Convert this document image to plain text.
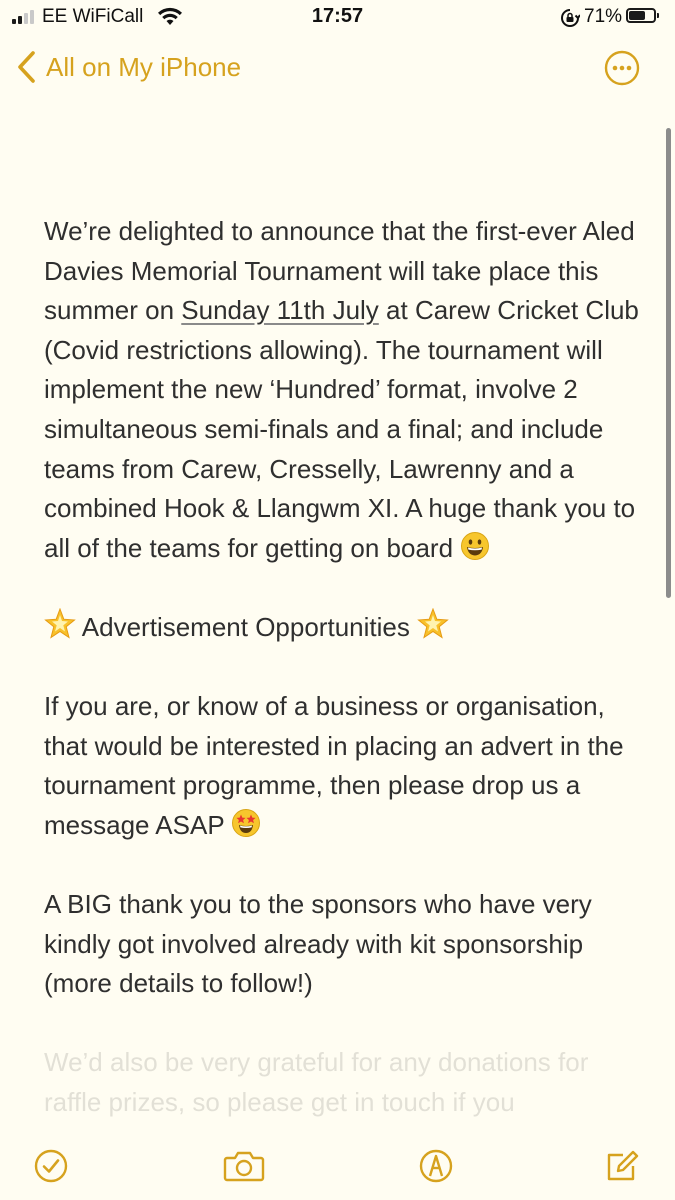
EE WiFiCall	17:57	71%
All on My iPhone

We’re delighted to announce that the first-ever Aled Davies Memorial Tournament will take place this summer on Sunday 11th July at Carew Cricket Club (Covid restrictions allowing). The tournament will implement the new ‘Hundred’ format, involve 2 simultaneous semi-finals and a final; and include teams from Carew, Cresselly, Lawrenny and a combined Hook & Llangwm XI. A huge thank you to all of the teams for getting on board

Advertisement Opportunities

If you are, or know of a business or organisation, that would be interested in placing an advert in the tournament programme, then please drop us a message ASAP

A BIG thank you to the sponsors who have very kindly got involved already with kit sponsorship (more details to follow!)

We’d also be very grateful for any donations for raffle prizes, so please get in touch if you
